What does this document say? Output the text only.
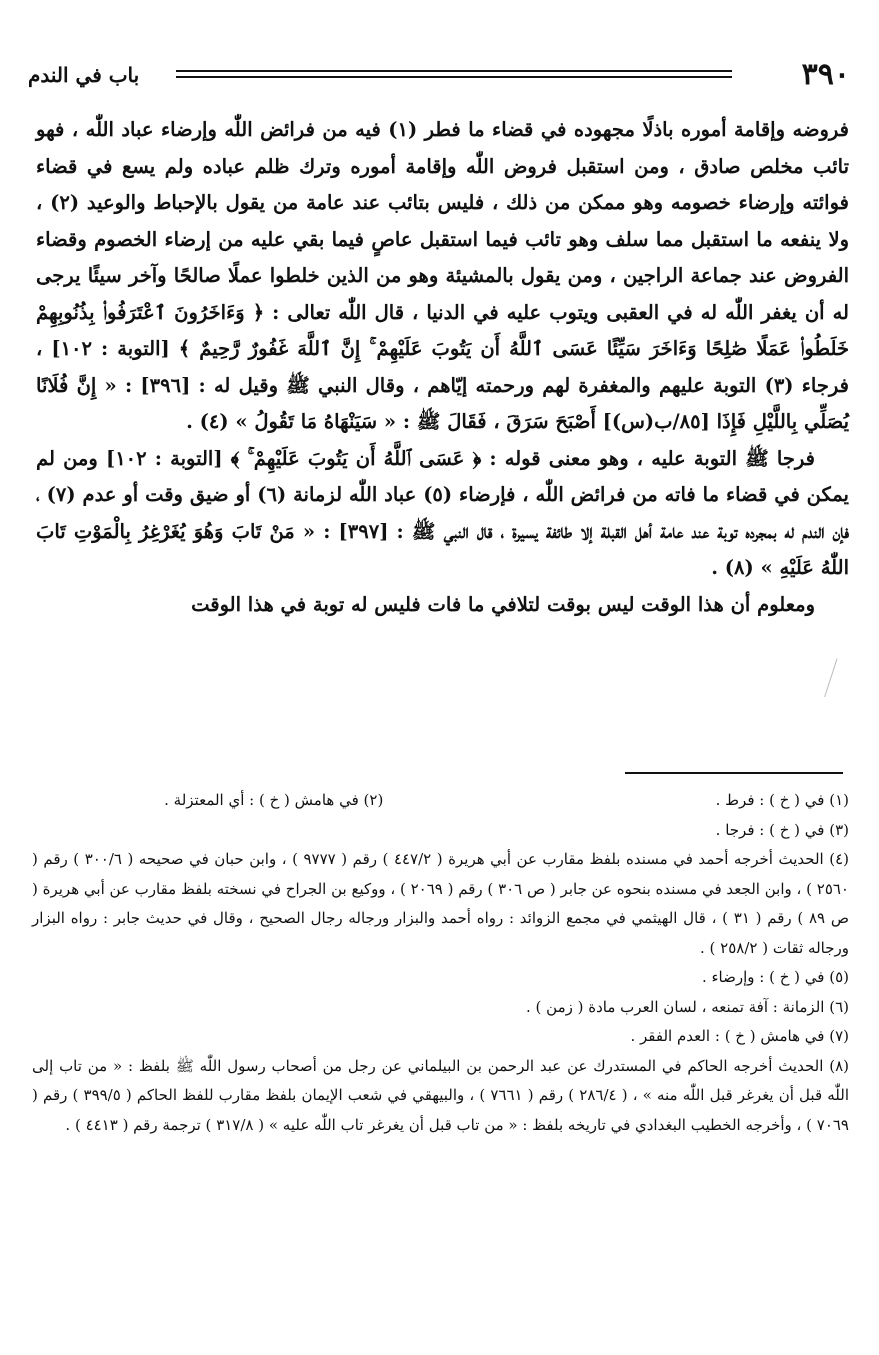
٣٩٠
باب في الندم

فروضه وإقامة أموره باذلًا مجهوده في قضاء ما فطر (١) فيه من فرائض اللّٰه وإرضاء عباد اللّٰه ، فهو تائب مخلص صادق ، ومن استقبل فروض اللّٰه وإقامة أموره وترك ظلم عباده ولم يسع في قضاء فوائته وإرضاء خصومه وهو ممكن من ذلك ، فليس بتائب عند عامة من يقول بالإحباط والوعيد (٢) ، ولا ينفعه ما استقبل مما سلف وهو تائب فيما استقبل عاصٍ فيما بقي عليه من إرضاء الخصوم وقضاء الفروض عند جماعة الراجين ، ومن يقول بالمشيئة وهو من الذين خلطوا عملًا صالحًا وآخر سيئًا يرجى له أن يغفر اللّٰه له في العقبى ويتوب عليه في الدنيا ، قال اللّٰه تعالى : ﴿ وَءَاخَرُونَ ٱعْتَرَفُوا۟ بِذُنُوبِهِمْ خَلَطُوا۟ عَمَلًا صَٰلِحًا وَءَاخَرَ سَيِّئًا عَسَى ٱللَّهُ أَن يَتُوبَ عَلَيْهِمْ ۚ إِنَّ ٱللَّهَ غَفُورٌ رَّحِيمٌ ﴾ [التوبة : ١٠٢] ، فرجاء (٣) التوبة عليهم والمغفرة لهم ورحمته إيّاهم ، وقال النبي ﷺ وقيل له : [٣٩٦] : « إِنَّ فُلَانًا يُصَلِّي بِاللَّيْلِ فَإِذَا [٨٥/ب(س)] أَصْبَحَ سَرَقَ ، فَقَالَ ﷺ : « سَيَنْهَاهُ مَا تَقُولُ » (٤) .

فرجا ﷺ التوبة عليه ، وهو معنى قوله : ﴿ عَسَى ٱللَّهُ أَن يَتُوبَ عَلَيْهِمْ ۚ ﴾ [التوبة : ١٠٢] ومن لم يمكن في قضاء ما فاته من فرائض اللّٰه ، فإرضاء (٥) عباد اللّٰه لزمانة (٦) أو ضيق وقت أو عدم (٧) ، فإن الندم له بمجرده توبة عند عامة أهل القبلة إلا طائفة يسيرة ، قال النبي ﷺ : [٣٩٧] : « مَنْ تَابَ وَهُوَ يُغَرْغِرُ بِالْمَوْتِ تَابَ اللّٰهُ عَلَيْهِ » (٨) .

ومعلوم أن هذا الوقت ليس بوقت لتلافي ما فات فليس له توبة في هذا الوقت

(١) في ( خ ) : فرط .
(٢) في هامش ( خ ) : أي المعتزلة .

(٣) في ( خ ) : فرجا .

(٤) الحديث أخرجه أحمد في مسنده بلفظ مقارب عن أبي هريرة ( ٤٤٧/٢ ) رقم ( ٩٧٧٧ ) ، وابن حبان في صحيحه ( ٣٠٠/٦ ) رقم ( ٢٥٦٠ ) ، وابن الجعد في مسنده بنحوه عن جابر ( ص ٣٠٦ ) رقم ( ٢٠٦٩ ) ، ووكيع بن الجراح في نسخته بلفظ مقارب عن أبي هريرة ( ص ٨٩ ) رقم ( ٣١ ) ، قال الهيثمي في مجمع الزوائد : رواه أحمد والبزار ورجاله رجال الصحيح ، وقال في حديث جابر : رواه البزار ورجاله ثقات ( ٢٥٨/٢ ) .

(٥) في ( خ ) : وإرضاء .

(٦) الزمانة : آفة تمنعه ، لسان العرب مادة ( زمن ) .

(٧) في هامش ( خ ) : العدم الفقر .

(٨) الحديث أخرجه الحاكم في المستدرك عن عبد الرحمن بن البيلماني عن رجل من أصحاب رسول اللّٰه ﷺ بلفظ : « من تاب إلى اللّٰه قبل أن يغرغر قبل اللّٰه منه » ، ( ٢٨٦/٤ ) رقم ( ٧٦٦١ ) ، والبيهقي في شعب الإيمان بلفظ مقارب للفظ الحاكم ( ٣٩٩/٥ ) رقم ( ٧٠٦٩ ) ، وأخرجه الخطيب البغدادي في تاريخه بلفظ : « من تاب قبل أن يغرغر تاب اللّٰه عليه » ( ٣١٧/٨ ) ترجمة رقم ( ٤٤١٣ ) .
